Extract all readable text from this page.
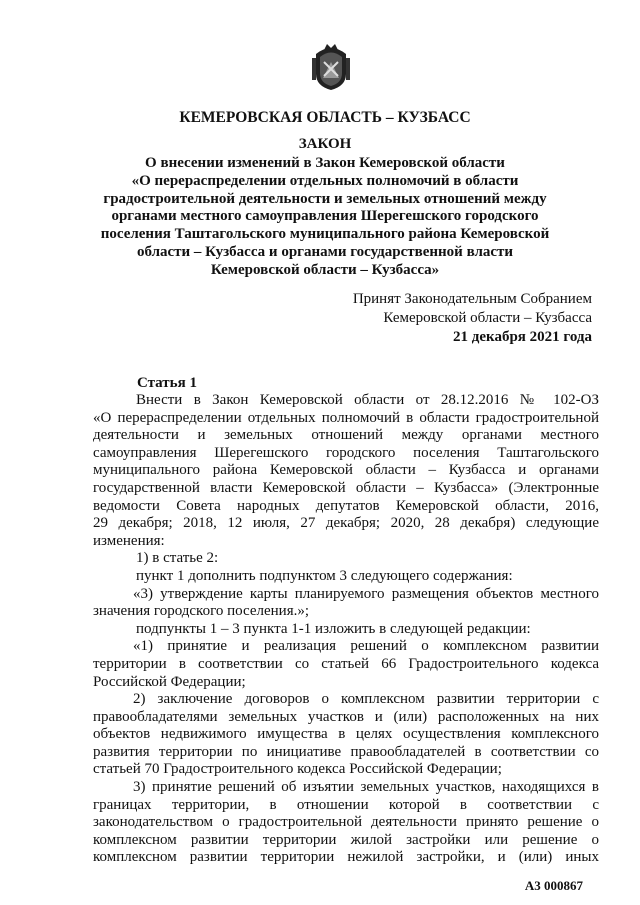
КЕМЕРОВСКАЯ ОБЛАСТЬ – КУЗБАСС
ЗАКОН
О внесении изменений в Закон Кемеровской области
«О перераспределении отдельных полномочий в области
градостроительной деятельности и земельных отношений между
органами местного самоуправления Шерегешского городского
поселения Таштагольского муниципального района Кемеровской
области – Кузбасса и органами государственной власти
Кемеровской области – Кузбасса»
Принят Законодательным Собранием
Кемеровской области – Кузбасса
21 декабря 2021 года
Статья 1
Внести в Закон Кемеровской области от 28.12.2016 № 102-ОЗ
«О перераспределении отдельных полномочий в области градостроительной
деятельности и земельных отношений между органами местного
самоуправления Шерегешского городского поселения Таштагольского
муниципального района Кемеровской области – Кузбасса и органами
государственной власти Кемеровской области – Кузбасса» (Электронные
ведомости Совета народных депутатов Кемеровской области, 2016,
29 декабря; 2018, 12 июля, 27 декабря; 2020, 28 декабря) следующие
изменения:
1) в статье 2:
пункт 1 дополнить подпунктом 3 следующего содержания:
«3) утверждение карты планируемого размещения объектов местного
значения городского поселения.»;
подпункты 1 – 3 пункта 1-1 изложить в следующей редакции:
«1) принятие и реализация решений о комплексном развитии
территории в соответствии со статьей 66 Градостроительного кодекса
Российской Федерации;
2) заключение договоров о комплексном развитии территории с
правообладателями земельных участков и (или) расположенных на них
объектов недвижимого имущества в целях осуществления комплексного
развития территории по инициативе правообладателей в соответствии со
статьей 70 Градостроительного кодекса Российской Федерации;
3) принятие решений об изъятии земельных участков, находящихся в
границах территории, в отношении которой в соответствии с
законодательством о градостроительной деятельности принято решение о
комплексном развитии территории жилой застройки или решение о
комплексном развитии территории нежилой застройки, и (или) иных
А3 000867
